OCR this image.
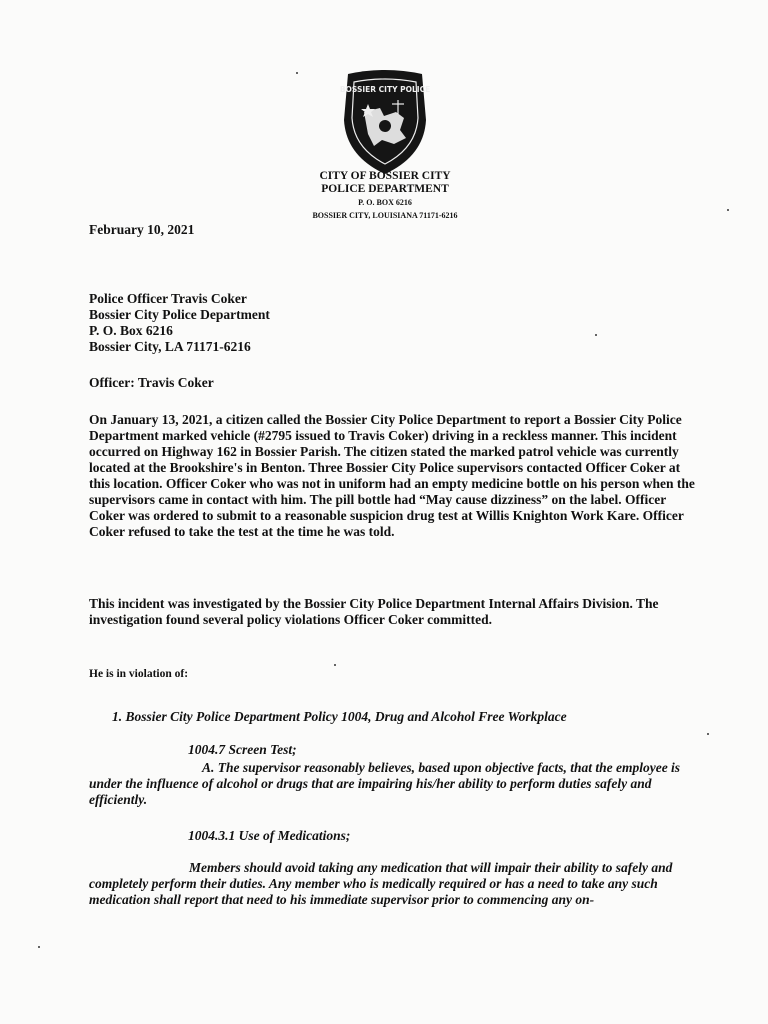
BOSSIER CITY POLICE
CITY OF BOSSIER CITY
POLICE DEPARTMENT
P. O. BOX 6216
BOSSIER CITY, LOUISIANA 71171-6216
February 10, 2021
Police Officer Travis Coker
Bossier City Police Department
P. O. Box 6216
Bossier City, LA 71171-6216
Officer: Travis Coker
On January 13, 2021, a citizen called the Bossier City Police Department to report a Bossier City Police Department marked vehicle (#2795 issued to Travis Coker) driving in a reckless manner. This incident occurred on Highway 162 in Bossier Parish. The citizen stated the marked patrol vehicle was currently located at the Brookshire's in Benton. Three Bossier City Police supervisors contacted Officer Coker at this location. Officer Coker who was not in uniform had an empty medicine bottle on his person when the supervisors came in contact with him. The pill bottle had “May cause dizziness” on the label. Officer Coker was ordered to submit to a reasonable suspicion drug test at Willis Knighton Work Kare. Officer Coker refused to take the test at the time he was told.
This incident was investigated by the Bossier City Police Department Internal Affairs Division. The investigation found several policy violations Officer Coker committed.
He is in violation of:
1. Bossier City Police Department Policy 1004, Drug and Alcohol Free Workplace
1004.7 Screen Test;
A. The supervisor reasonably believes, based upon objective facts, that the employee is under the influence of alcohol or drugs that are impairing his/her ability to perform duties safely and efficiently.
1004.3.1 Use of Medications;
Members should avoid taking any medication that will impair their ability to safely and completely perform their duties. Any member who is medically required or has a need to take any such medication shall report that need to his immediate supervisor prior to commencing any on-
